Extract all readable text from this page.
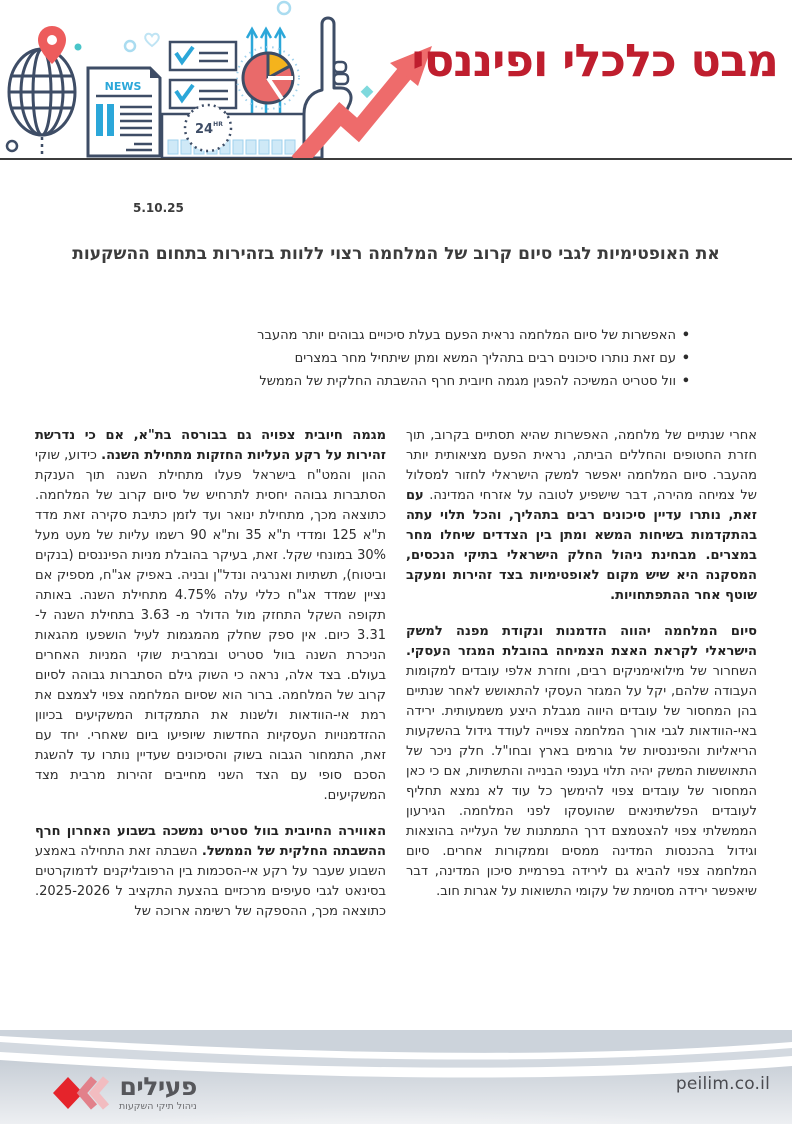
NEWS
24 HR
מבט כלכלי ופיננסי
5.10.25
את האופטימיות לגבי סיום קרוב של המלחמה רצוי ללוות בזהירות בתחום ההשקעות
• האפשרות של סיום המלחמה נראית הפעם בעלת סיכויים גבוהים יותר מהעבר
• עם זאת נותרו סיכונים רבים בתהליך המשא ומתן שיתחיל מחר במצרים
• וול סטריט המשיכה להפגין מגמה חיובית חרף ההשבתה החלקית של הממשל

אחרי שנתיים של מלחמה, האפשרות שהיא תסתיים בקרוב, תוך חזרת החטופים והחללים הביתה, נראית הפעם מציאותית יותר מהעבר. סיום המלחמה יאפשר למשק הישראלי לחזור למסלול של צמיחה מהירה, דבר שישפיע לטובה על אזרחי המדינה. עם זאת, נותרו עדיין סיכונים רבים בתהליך, והכל תלוי עתה בהתקדמות בשיחות המשא ומתן בין הצדדים שיחלו מחר במצרים. מבחינת ניהול החלק הישראלי בתיקי הנכסים, המסקנה היא שיש מקום לאופטימיות בצד זהירות ומעקב שוטף אחר ההתפתחויות.

סיום המלחמה יהווה הזדמנות ונקודת מפנה למשק הישראלי לקראת האצת הצמיחה בהובלת המגזר העסקי. השחרור של מילואימניקים רבים, וחזרת אלפי עובדים למקומות העבודה שלהם, יקל על המגזר העסקי להתאושש לאחר שנתיים בהן המחסור של עובדים היווה מגבלת היצע משמעותית. ירידה באי-הוודאות לגבי אורך המלחמה צפוייה לעודד גידול בהשקעות הריאליות והפיננסיות של גורמים בארץ ובחו"ל. חלק ניכר של התאוששות המשק יהיה תלוי בענפי הבנייה והתשתיות, אם כי כאן המחסור של עובדים צפוי להימשך כל עוד לא נמצא תחליף לעובדים הפלשתינאים שהועסקו לפני המלחמה. הגירעון הממשלתי צפוי להצטמצם דרך התמתנות של העלייה בהוצאות וגידול בהכנסות המדינה ממסים וממקורות אחרים. סיום המלחמה צפוי להביא גם לירידה בפרמיית סיכון המדינה, דבר שיאפשר ירידה מסוימת של עקומי התשואות על אגרות חוב.

מגמה חיובית צפויה גם בבורסה בת"א, אם כי נדרשת זהירות על רקע העליות החזקות מתחילת השנה. כידוע, שוקי ההון והמט"ח בישראל פעלו מתחילת השנה תוך הענקת הסתברות גבוהה יחסית לתרחיש של סיום קרוב של המלחמה. כתוצאה מכך, מתחילת ינואר ועד לזמן כתיבת סקירה זאת מדד ת"א 125 ומדדי ת"א 35 ות"א 90 רשמו עליות של מעט מעל 30% במונחי שקל. זאת, בעיקר בהובלת מניות הפיננסים (בנקים וביטוח), תשתיות ואנרגיה ונדל"ן ובניה. באפיק אג"ח, מספיק אם נציין שמדד אג"ח כללי עלה 4.75% מתחילת השנה. באותה תקופה השקל התחזק מול הדולר מ- 3.63 בתחילת השנה ל- 3.31 כיום. אין ספק שחלק מהמגמות לעיל הושפעו מהגאות הניכרת השנה בוול סטריט ובמרבית שוקי המניות האחרים בעולם. בצד אלה, נראה כי השוק גילם הסתברות גבוהה לסיום קרוב של המלחמה. ברור הוא שסיום המלחמה צפוי לצמצם את רמת אי-הוודאות ולשנות את התמקדות המשקיעים בכיוון ההזדמנויות העסקיות החדשות שיופיעו ביום שאחרי. יחד עם זאת, התמחור הגבוה בשוק והסיכונים שעדיין נותרו עד להשגת הסכם סופי עם הצד השני מחייבים זהירות מרבית מצד המשקיעים.

האווירה החיובית בוול סטריט נמשכה בשבוע האחרון חרף ההשבתה החלקית של הממשל. השבתה זאת התחילה באמצע השבוע שעבר על רקע אי-הסכמות בין הרפובליקנים לדמוקרטים בסינאט לגבי סעיפים מרכזיים בהצעת התקציב ל 2025-2026. כתוצאה מכך, ההספקה של רשימה ארוכה של

פעילים
ניהול תיקי השקעות
peilim.co.il
